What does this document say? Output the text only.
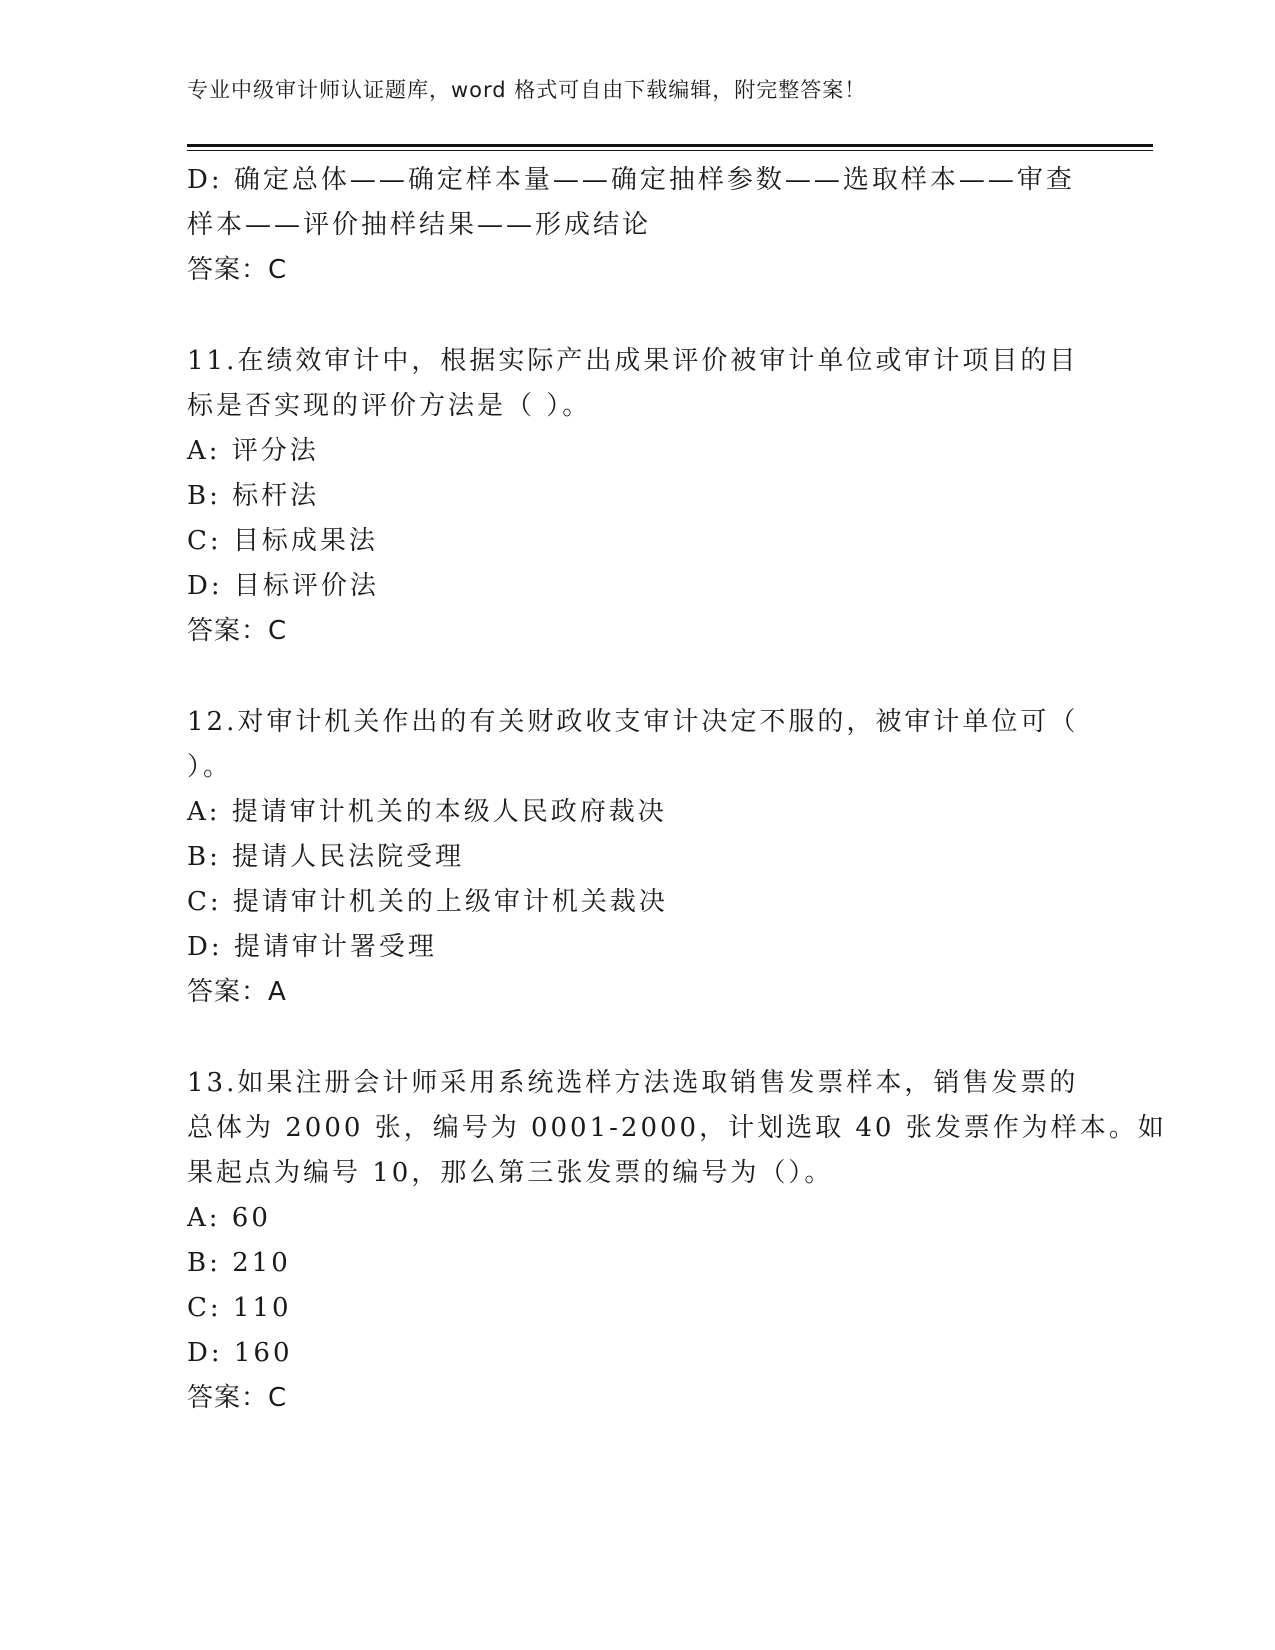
专业中级审计师认证题库，word 格式可自由下载编辑，附完整答案！
D: 确定总体——确定样本量——确定抽样参数——选取样本——审查
样本——评价抽样结果——形成结论
答案：C
11.在绩效审计中，根据实际产出成果评价被审计单位或审计项目的目
标是否实现的评价方法是（ ）。
A: 评分法
B: 标杆法
C: 目标成果法
D: 目标评价法
答案：C
12.对审计机关作出的有关财政收支审计决定不服的，被审计单位可（
）。
A: 提请审计机关的本级人民政府裁决
B: 提请人民法院受理
C: 提请审计机关的上级审计机关裁决
D: 提请审计署受理
答案：A
13.如果注册会计师采用系统选样方法选取销售发票样本，销售发票的
总体为 2000 张，编号为 0001-2000，计划选取 40 张发票作为样本。如
果起点为编号 10，那么第三张发票的编号为（）。
A: 60
B: 210
C: 110
D: 160
答案：C
